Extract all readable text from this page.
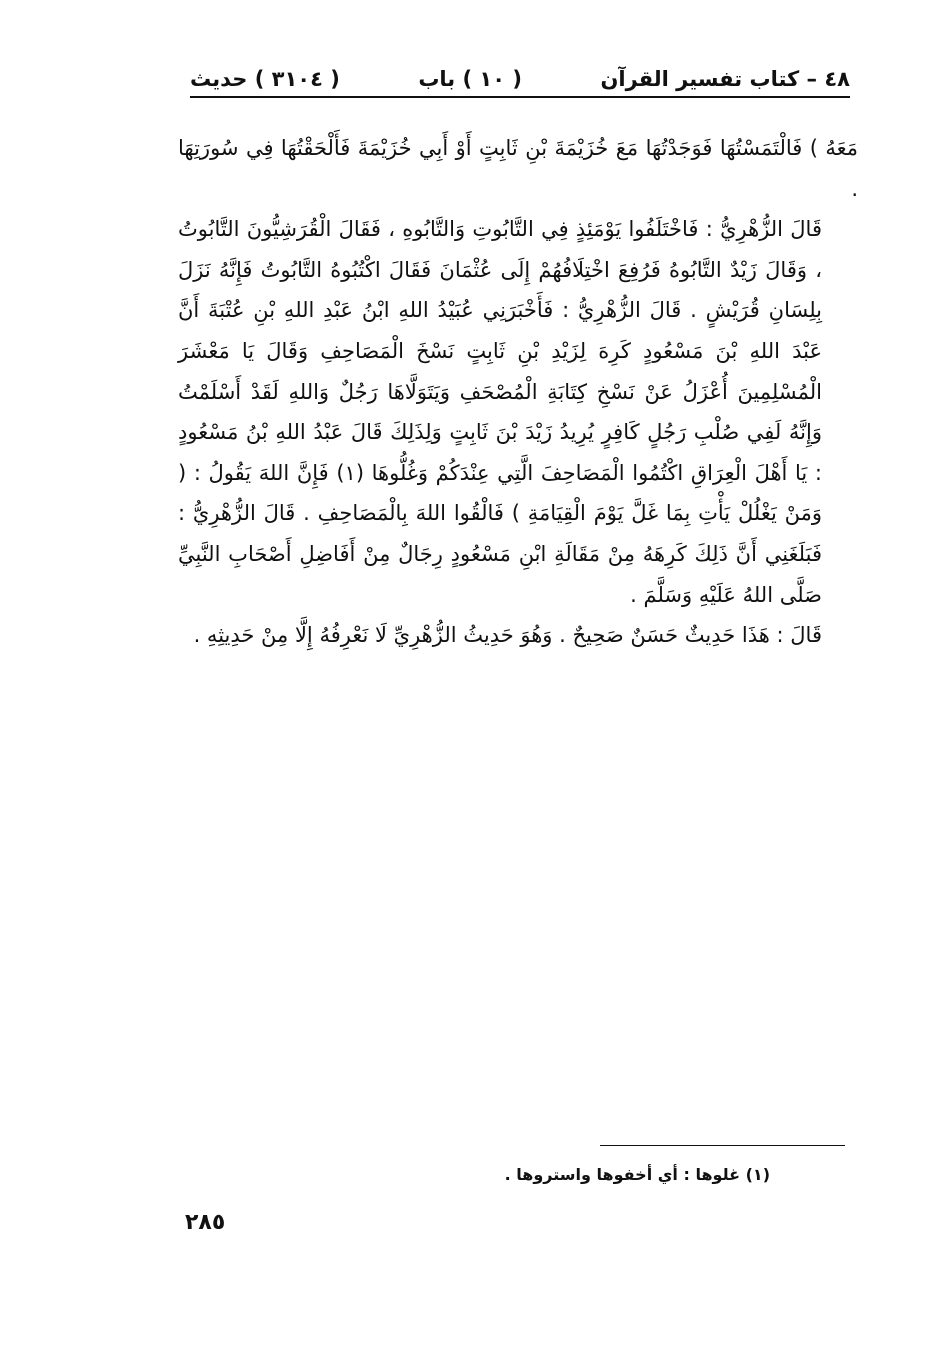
٤٨ – كتاب تفسير القرآن
( ١٠ ) باب
( ٣١٠٤ ) حديث

مَعَهُ ) فَالْتَمَسْتُهَا فَوَجَدْتُهَا مَعَ خُزَيْمَةَ بْنِ ثَابِتٍ أَوْ أَبِي خُزَيْمَةَ فَأَلْحَقْتُهَا فِي سُورَتِهَا .

قَالَ الزُّهْرِيُّ : فَاخْتَلَفُوا يَوْمَئِذٍ فِي التَّابُوتِ وَالتَّابُوهِ ، فَقَالَ الْقُرَشِيُّونَ التَّابُوتُ ، وَقَالَ زَيْدٌ التَّابُوهُ فَرُفِعَ اخْتِلَافُهُمْ إِلَى عُثْمَانَ فَقَالَ اكْتُبُوهُ التَّابُوتُ فَإِنَّهُ نَزَلَ بِلِسَانِ قُرَيْشٍ . قَالَ الزُّهْرِيُّ : فَأَخْبَرَنِي عُبَيْدُ اللهِ ابْنُ عَبْدِ اللهِ بْنِ عُتْبَةَ أَنَّ عَبْدَ اللهِ بْنَ مَسْعُودٍ كَرِهَ لِزَيْدِ بْنِ ثَابِتٍ نَسْخَ الْمَصَاحِفِ وَقَالَ يَا مَعْشَرَ الْمُسْلِمِينَ أُعْزَلُ عَنْ نَسْخِ كِتَابَةِ الْمُصْحَفِ وَيَتَوَلَّاهَا رَجُلٌ وَاللهِ لَقَدْ أَسْلَمْتُ وَإِنَّهُ لَفِي صُلْبِ رَجُلٍ كَافِرٍ يُرِيدُ زَيْدَ بْنَ ثَابِتٍ وَلِذَلِكَ قَالَ عَبْدُ اللهِ بْنُ مَسْعُودٍ : يَا أَهْلَ الْعِرَاقِ اكْتُمُوا الْمَصَاحِفَ الَّتِي عِنْدَكُمْ وَغُلُّوهَا (١) فَإِنَّ اللهَ يَقُولُ : ( وَمَنْ يَغْلُلْ يَأْتِ بِمَا غَلَّ يَوْمَ الْقِيَامَةِ ) فَالْقُوا اللهَ بِالْمَصَاحِفِ . قَالَ الزُّهْرِيُّ : فَبَلَغَنِي أَنَّ ذَلِكَ كَرِهَهُ مِنْ مَقَالَةِ ابْنِ مَسْعُودٍ رِجَالٌ مِنْ أَفَاضِلِ أَصْحَابِ النَّبِيِّ صَلَّى اللهُ عَلَيْهِ وَسَلَّمَ .

قَالَ : هَذَا حَدِيثٌ حَسَنٌ صَحِيحٌ . وَهُوَ حَدِيثُ الزُّهْرِيِّ لَا نَعْرِفُهُ إِلَّا مِنْ حَدِيثِهِ .

(١) غلوها : أي أخفوها واستروها .
٢٨٥
